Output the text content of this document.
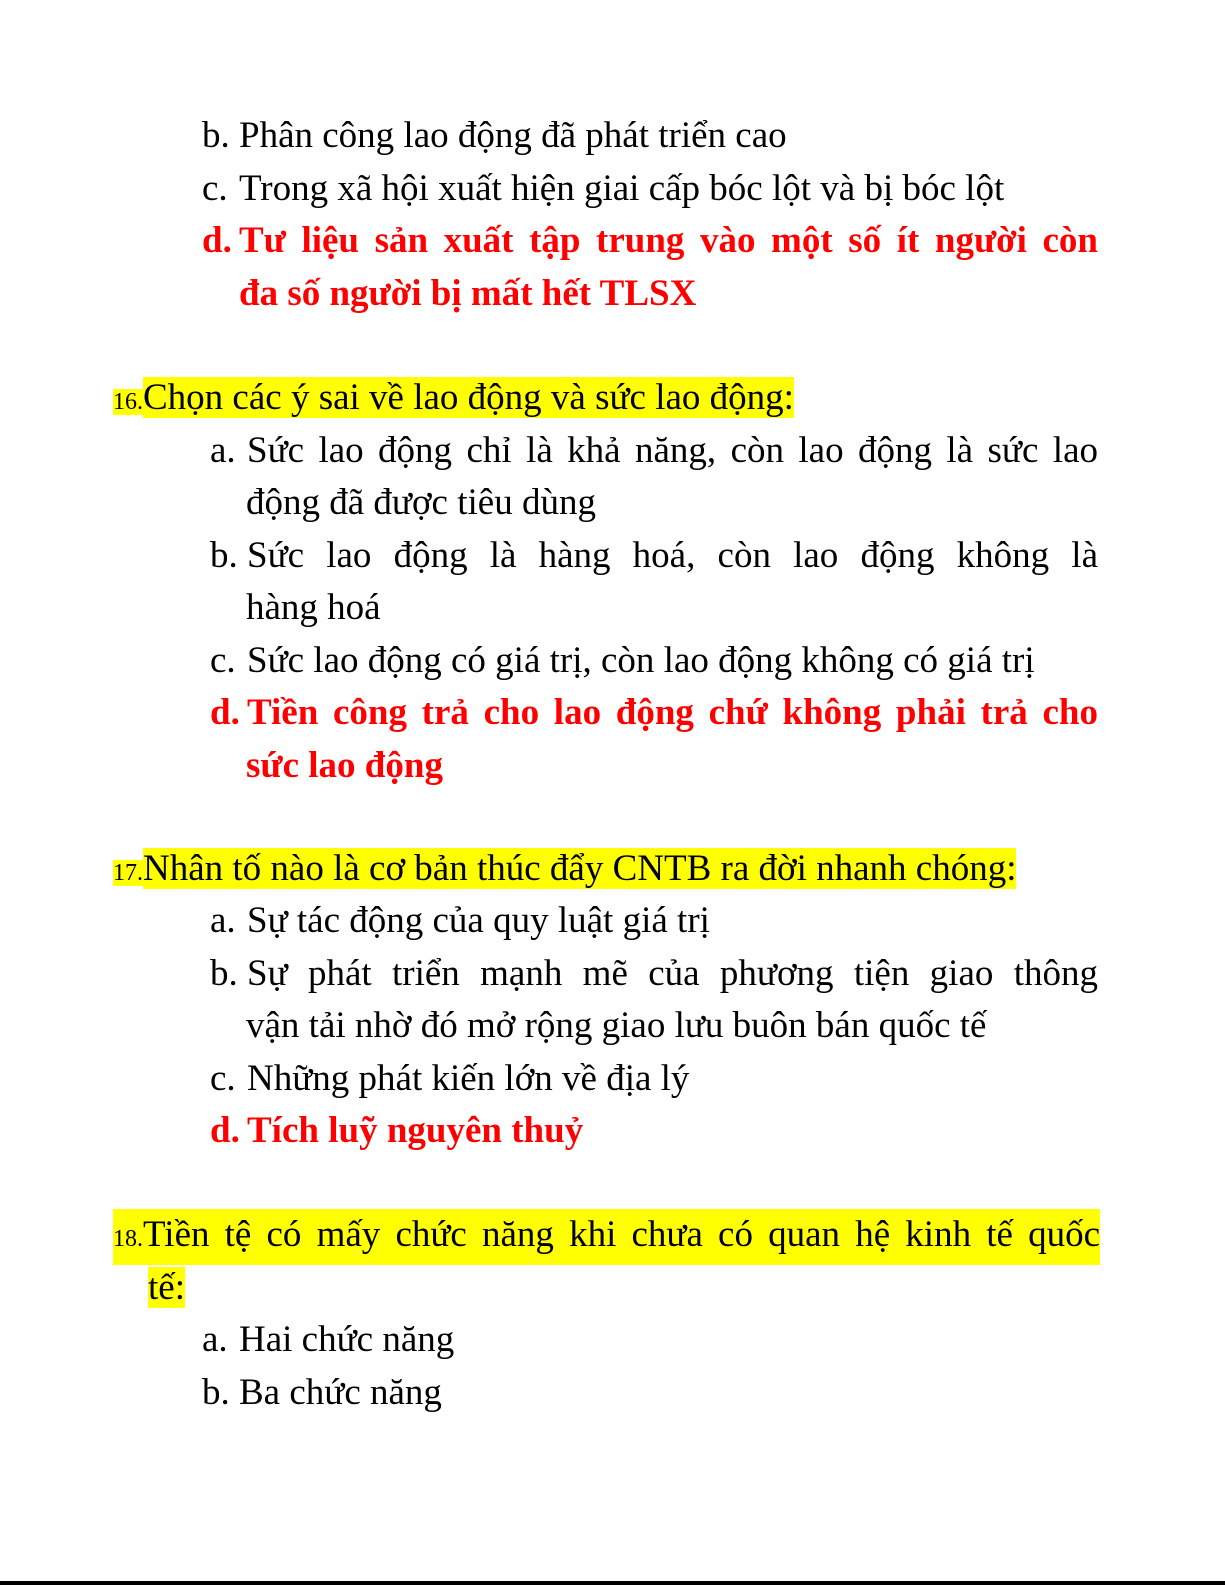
b. Phân công lao động đã phát triển cao
c. Trong xã hội xuất hiện giai cấp bóc lột và bị bóc lột
d. Tư liệu sản xuất tập trung vào một số ít người còn
đa số người bị mất hết TLSX
16.Chọn các ý sai về lao động và sức lao động:
a. Sức lao động chỉ là khả năng, còn lao động là sức lao
động đã được tiêu dùng
b. Sức lao động là hàng hoá, còn lao động không là
hàng hoá
c. Sức lao động có giá trị, còn lao động không có giá trị
d. Tiền công trả cho lao động chứ không phải trả cho
sức lao động
17.Nhân tố nào là cơ bản thúc đẩy CNTB ra đời nhanh chóng:
a. Sự tác động của quy luật giá trị
b. Sự phát triển mạnh mẽ của phương tiện giao thông
vận tải nhờ đó mở rộng giao lưu buôn bán quốc tế
c. Những phát kiến lớn về địa lý
d. Tích luỹ nguyên thuỷ
18.Tiền tệ có mấy chức năng khi chưa có quan hệ kinh tế quốc
tế:
a. Hai chức năng
b. Ba chức năng
